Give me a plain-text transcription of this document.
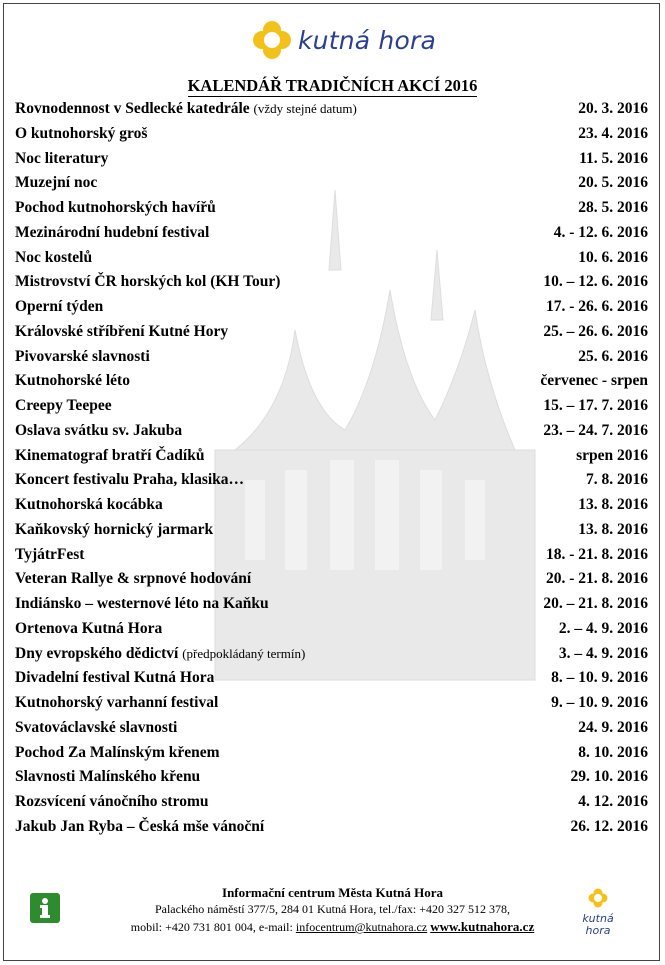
kutná hora
KALENDÁŘ TRADIČNÍCH AKCÍ 2016
Rovnodennost v Sedlecké katedrále (vždy stejné datum)	20. 3. 2016
O kutnohorský groš	23. 4. 2016
Noc literatury	11. 5. 2016
Muzejní noc	20. 5. 2016
Pochod kutnohorských havířů	28. 5. 2016
Mezinárodní hudební festival	4. - 12. 6. 2016
Noc kostelů	10. 6. 2016
Mistrovství ČR horských kol (KH Tour)	10. – 12. 6. 2016
Operní týden	17. - 26. 6. 2016
Královské stříbření Kutné Hory	25. – 26. 6. 2016
Pivovarské slavnosti	25. 6. 2016
Kutnohorské léto	červenec - srpen
Creepy Teepee	15. – 17. 7. 2016
Oslava svátku sv. Jakuba	23. – 24. 7. 2016
Kinematograf bratří Čadíků	srpen 2016
Koncert festivalu Praha, klasika…	7. 8. 2016
Kutnohorská kocábka	13. 8. 2016
Kaňkovský hornický jarmark	13. 8. 2016
TyjátrFest	18. - 21. 8. 2016
Veteran Rallye & srpnové hodování	20. - 21. 8. 2016
Indiánsko – westernové léto na Kaňku	20. – 21. 8. 2016
Ortenova Kutná Hora	2. – 4. 9. 2016
Dny evropského dědictví (předpokládaný termín)	3. – 4. 9. 2016
Divadelní festival Kutná Hora	8. – 10. 9. 2016
Kutnohorský varhanní festival	9. – 10. 9. 2016
Svatováclavské slavnosti	24. 9. 2016
Pochod Za Malínským křenem	8. 10. 2016
Slavnosti Malínského křenu	29. 10. 2016
Rozsvícení vánočního stromu	4. 12. 2016
Jakub Jan Ryba – Česká mše vánoční	26. 12. 2016
Informační centrum Města Kutná Hora
Palackého náměstí 377/5, 284 01 Kutná Hora, tel./fax: +420 327 512 378,
mobil: +420 731 801 004, e-mail: infocentrum@kutnahora.cz www.kutnahora.cz
kutná
hora
